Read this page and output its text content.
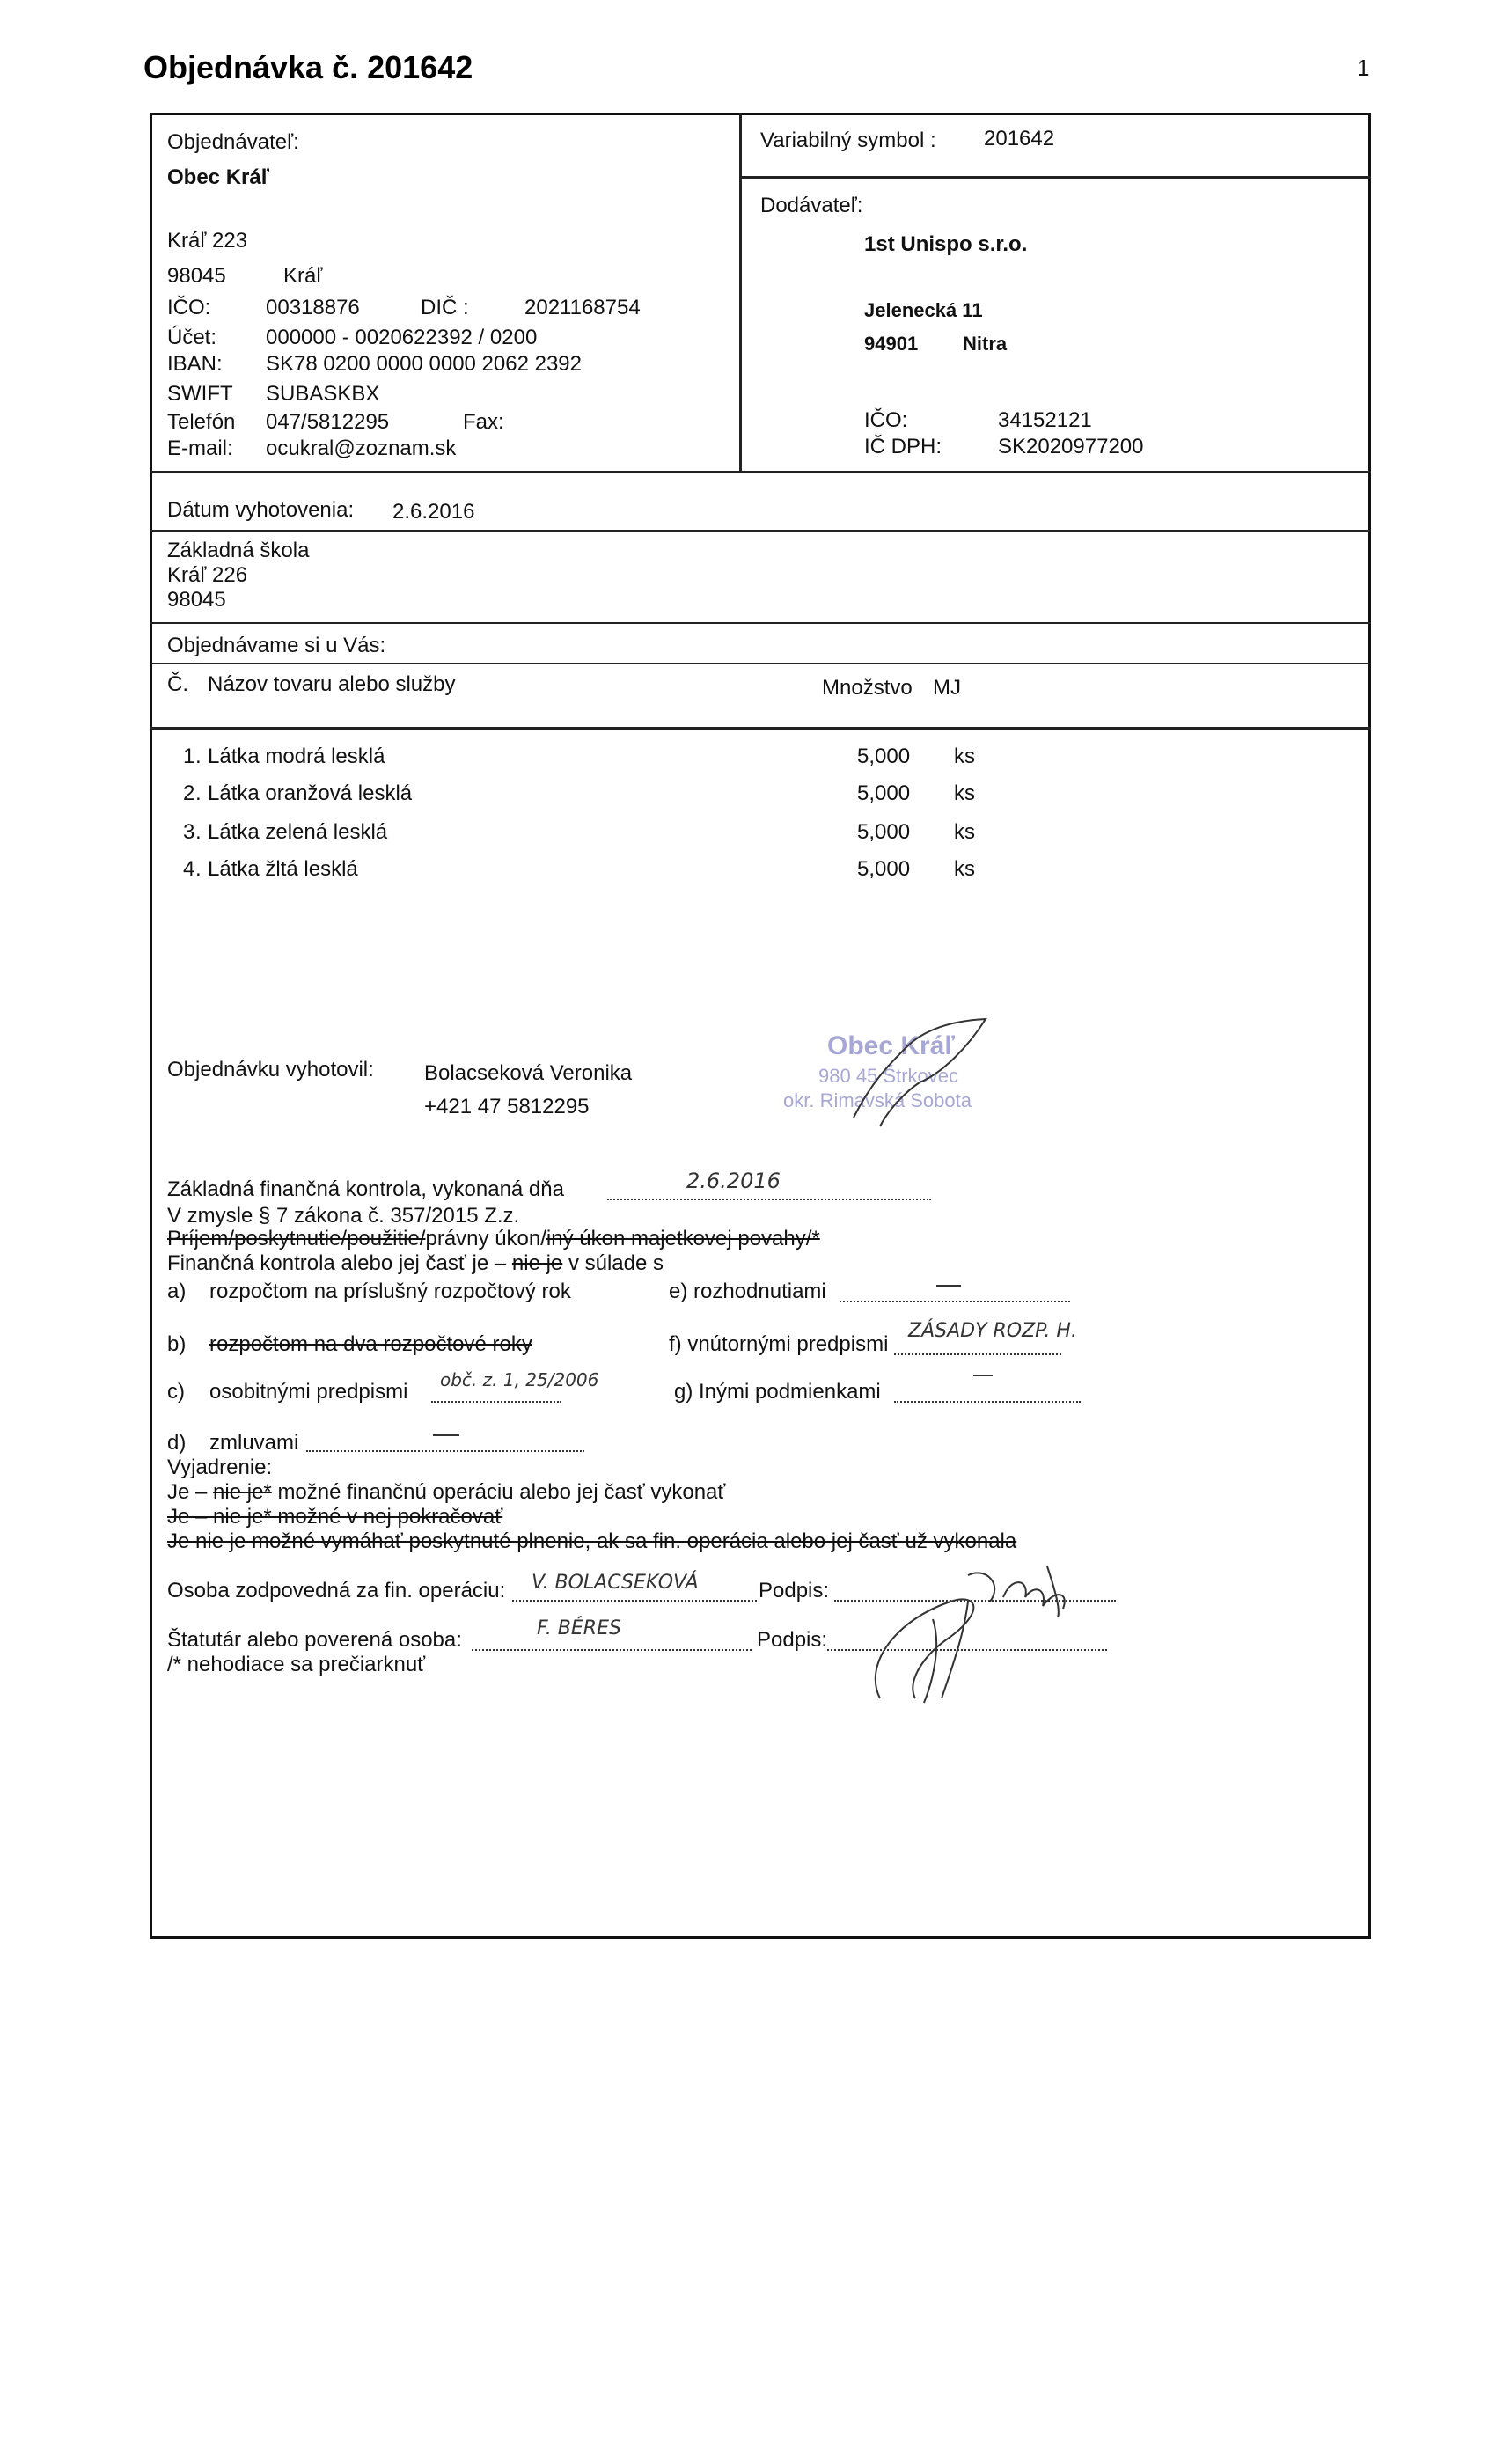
Objednávka č. 201642	1
Objednávateľ:
Obec Kráľ
Kráľ 223
98045	Kráľ
IČO:	00318876	DIČ :	2021168754
Účet: 000000 - 0020622392 / 0200
IBAN: SK78 0200 0000 0000 2062 2392
SWIFT SUBASKBX
Telefón 047/5812295	Fax:
E-mail: ocukral@zoznam.sk
Variabilný symbol : 201642
Dodávateľ:
1st Unispo s.r.o.
Jelenecká 11
94901 Nitra
IČO:	34152121
IČ DPH:	SK2020977200
Dátum vyhotovenia: 2.6.2016
Základná škola
Kráľ 226
98045
Objednávame si u Vás:
Č. Názov tovaru alebo služby	Množstvo MJ
1 . Látka modrá lesklá	5,000 ks
2 . Látka oranžová lesklá	5,000 ks
3 . Látka zelená lesklá	5,000 ks
4 . Látka žltá lesklá	5,000 ks
Objednávku vyhotovil: Bolacseková Veronika
+421 47 5812295
Obec Kráľ
980 45 Štrkovec
okr. Rimavská Sobota
Základná finančná kontrola, vykonaná dňa	2.6.2016
V zmysle § 7 zákona č. 357/2015 Z.z.
Príjem/poskytnutie/použitie/právny úkon/iný úkon majetkovej povahy/*
Finančná kontrola alebo jej časť je – nie je v súlade s
a) rozpočtom na príslušný rozpočtový rok	e) rozhodnutiami
b) rozpočtom na dva rozpočtové roky	f) vnútornými predpismi
ZÁSADY ROZP. H.
c) osobitnými predpismi obč. z. 1, 25/2006	g) Inými podmienkami
d) zmluvami
Vyjadrenie:
Je – nie je* možné finančnú operáciu alebo jej časť vykonať
Je – nie je* možné v nej pokračovať
Je nie je možné vymáhať poskytnuté plnenie, ak sa fin. operácia alebo jej časť už vykonala
Osoba zodpovedná za fin. operáciu: V. BOLACSEKOVÁ	Podpis:
Štatutár alebo poverená osoba:	F. BÉRES	Podpis:
/* nehodiace sa prečiarknuť
